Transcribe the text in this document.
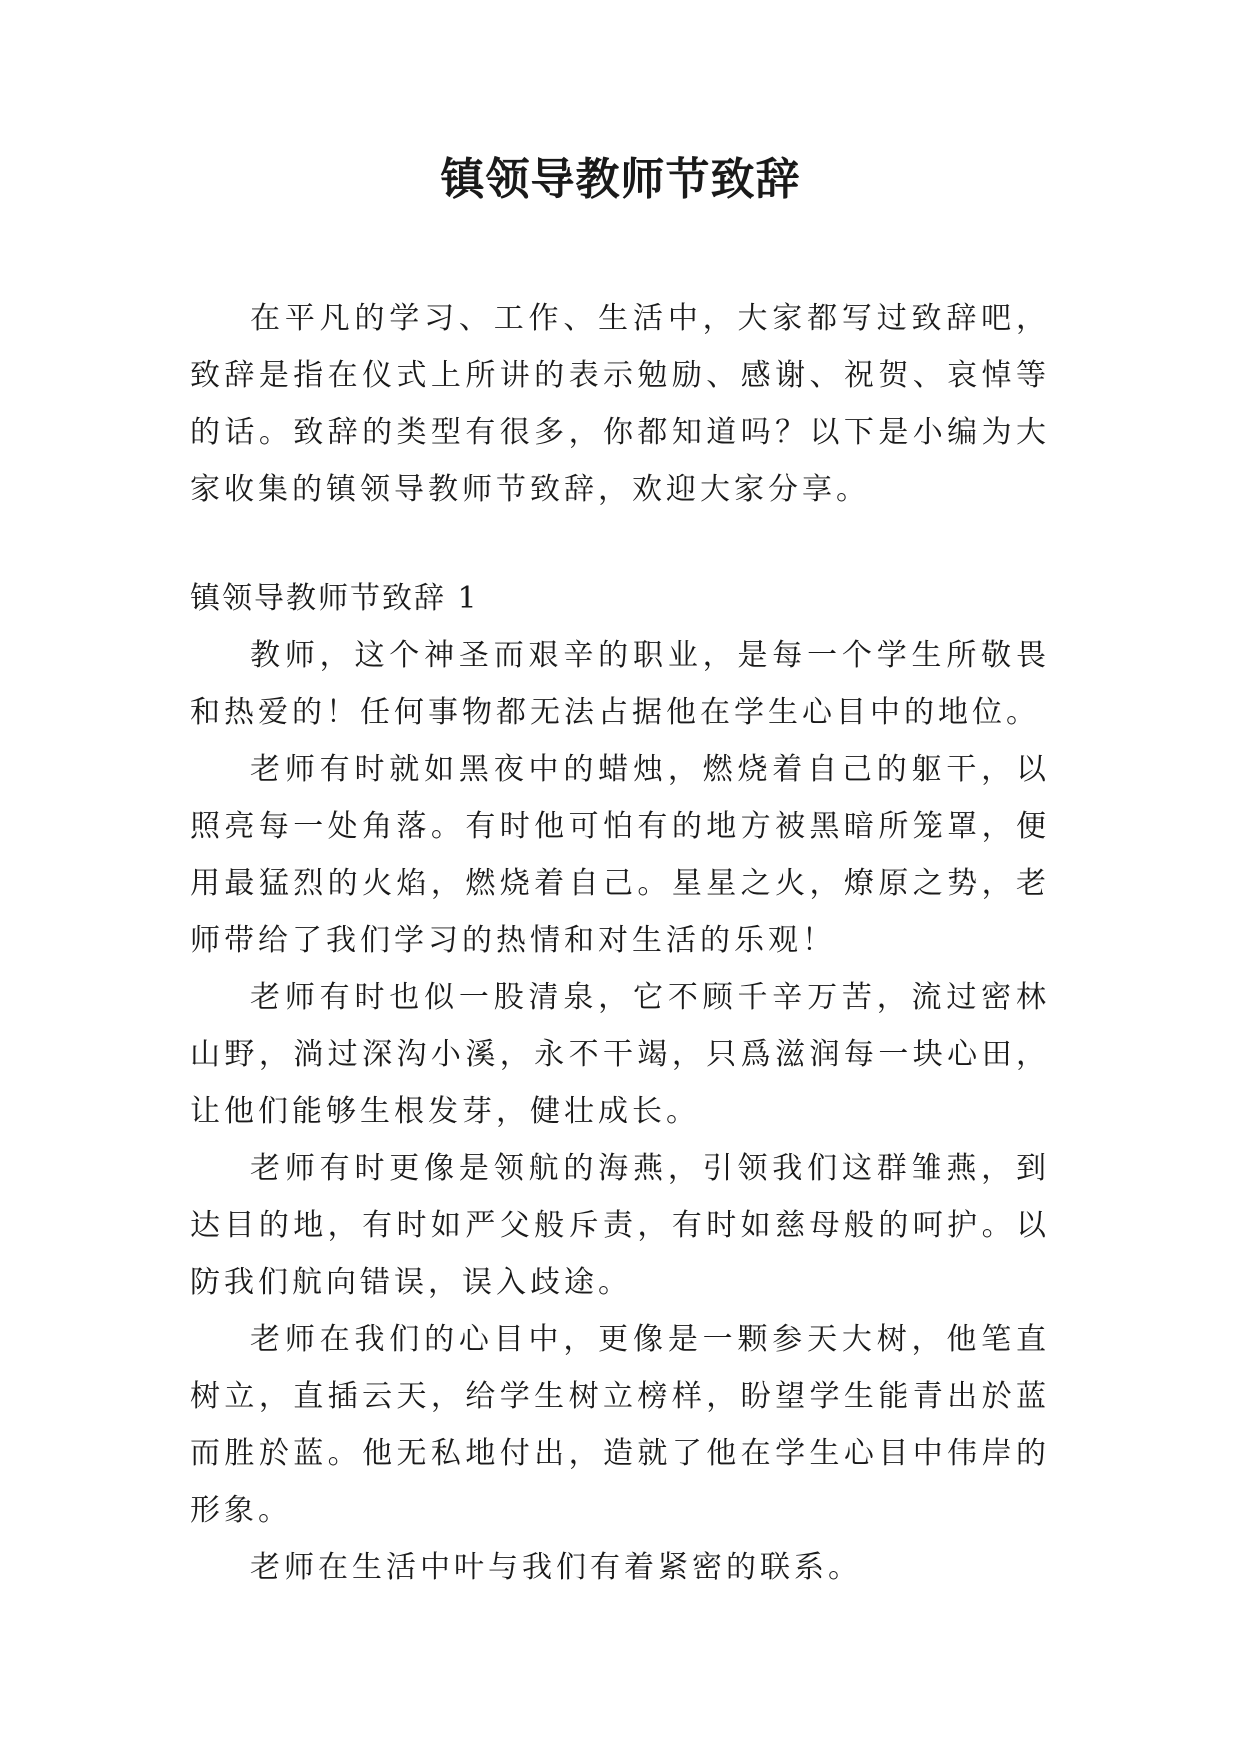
镇领导教师节致辞

在平凡的学习、工作、生活中，大家都写过致辞吧，致辞是指在仪式上所讲的表示勉励、感谢、祝贺、哀悼等的话。致辞的类型有很多，你都知道吗？以下是小编为大家收集的镇领导教师节致辞，欢迎大家分享。

镇领导教师节致辞 1

教师，这个神圣而艰辛的职业，是每一个学生所敬畏和热爱的！任何事物都无法占据他在学生心目中的地位。

老师有时就如黑夜中的蜡烛，燃烧着自己的躯干，以照亮每一处角落。有时他可怕有的地方被黑暗所笼罩，便用最猛烈的火焰，燃烧着自己。星星之火，燎原之势，老师带给了我们学习的热情和对生活的乐观！

老师有时也似一股清泉，它不顾千辛万苦，流过密林山野，淌过深沟小溪，永不干竭，只爲滋润每一块心田，让他们能够生根发芽，健壮成长。

老师有时更像是领航的海燕，引领我们这群雏燕，到达目的地，有时如严父般斥责，有时如慈母般的呵护。以防我们航向错误，误入歧途。

老师在我们的心目中，更像是一颗参天大树，他笔直树立，直插云天，给学生树立榜样，盼望学生能青出於蓝而胜於蓝。他无私地付出，造就了他在学生心目中伟岸的形象。

老师在生活中叶与我们有着紧密的联系。
